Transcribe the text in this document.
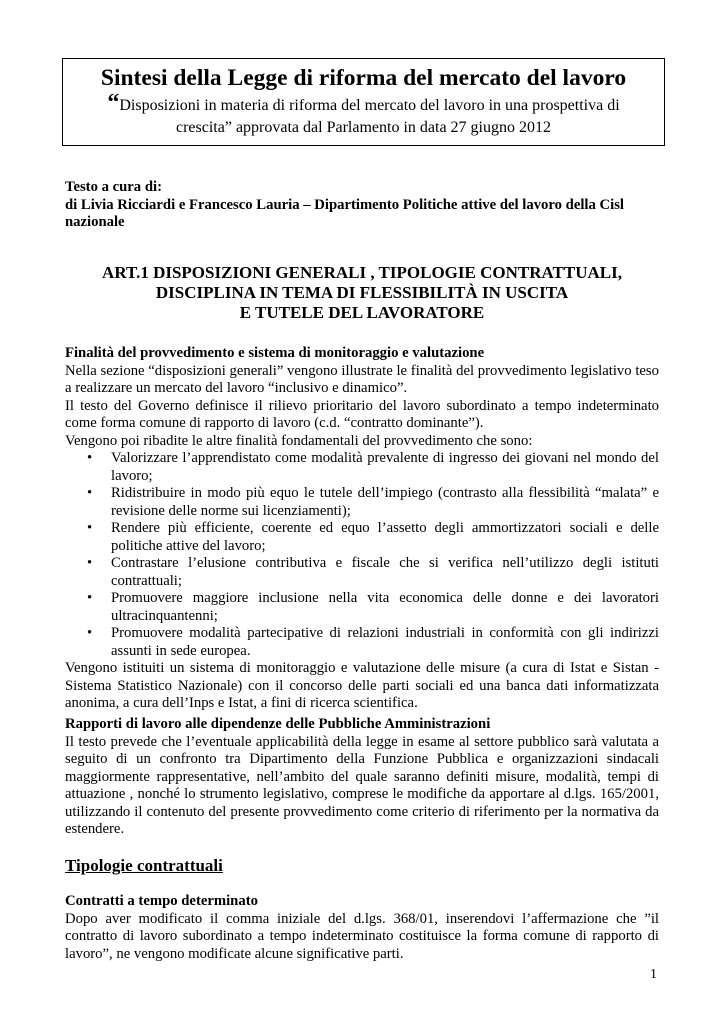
Sintesi della Legge di riforma del mercato del lavoro
“Disposizioni in materia di riforma del mercato del lavoro in una prospettiva di crescita” approvata dal Parlamento in data 27 giugno 2012
Testo a cura di:
di Livia Ricciardi e Francesco Lauria – Dipartimento Politiche attive del lavoro della Cisl nazionale
ART.1 DISPOSIZIONI GENERALI , TIPOLOGIE CONTRATTUALI,
DISCIPLINA IN TEMA DI FLESSIBILITÀ IN USCITA
E TUTELE DEL LAVORATORE
Finalità del provvedimento e sistema di monitoraggio e valutazione
Nella sezione “disposizioni generali” vengono illustrate le finalità del provvedimento legislativo teso a realizzare un mercato del lavoro “inclusivo e dinamico”.
Il testo del Governo definisce il rilievo prioritario del lavoro subordinato a tempo indeterminato come forma comune di rapporto di lavoro (c.d. “contratto dominante”).
Vengono poi ribadite le altre finalità fondamentali del provvedimento che sono:
• Valorizzare l’apprendistato come modalità prevalente di ingresso dei giovani nel mondo del lavoro;
• Ridistribuire in modo più equo le tutele dell’impiego (contrasto alla flessibilità “malata” e revisione delle norme sui licenziamenti);
• Rendere più efficiente, coerente ed equo l’assetto degli ammortizzatori sociali e delle politiche attive del lavoro;
• Contrastare l’elusione contributiva e fiscale che si verifica nell’utilizzo degli istituti contrattuali;
• Promuovere maggiore inclusione nella vita economica delle donne e dei lavoratori ultracinquantenni;
• Promuovere modalità partecipative di relazioni industriali in conformità con gli indirizzi assunti in sede europea.
Vengono istituiti un sistema di monitoraggio e valutazione delle misure (a cura di Istat e Sistan - Sistema Statistico Nazionale) con il concorso delle parti sociali ed una banca dati informatizzata anonima, a cura dell’Inps e Istat, a fini di ricerca scientifica.
Rapporti di lavoro alle dipendenze delle Pubbliche Amministrazioni
Il testo prevede che l’eventuale applicabilità della legge in esame al settore pubblico sarà valutata a seguito di un confronto tra Dipartimento della Funzione Pubblica e organizzazioni sindacali maggiormente rappresentative, nell’ambito del quale saranno definiti misure, modalità, tempi di attuazione , nonché lo strumento legislativo, comprese le modifiche da apportare al d.lgs. 165/2001, utilizzando il contenuto del presente provvedimento come criterio di riferimento per la normativa da estendere.
Tipologie contrattuali
Contratti a tempo determinato
Dopo aver modificato il comma iniziale del d.lgs. 368/01, inserendovi l’affermazione che ”il contratto di lavoro subordinato a tempo indeterminato costituisce la forma comune di rapporto di lavoro”, ne vengono modificate alcune significative parti.
1
